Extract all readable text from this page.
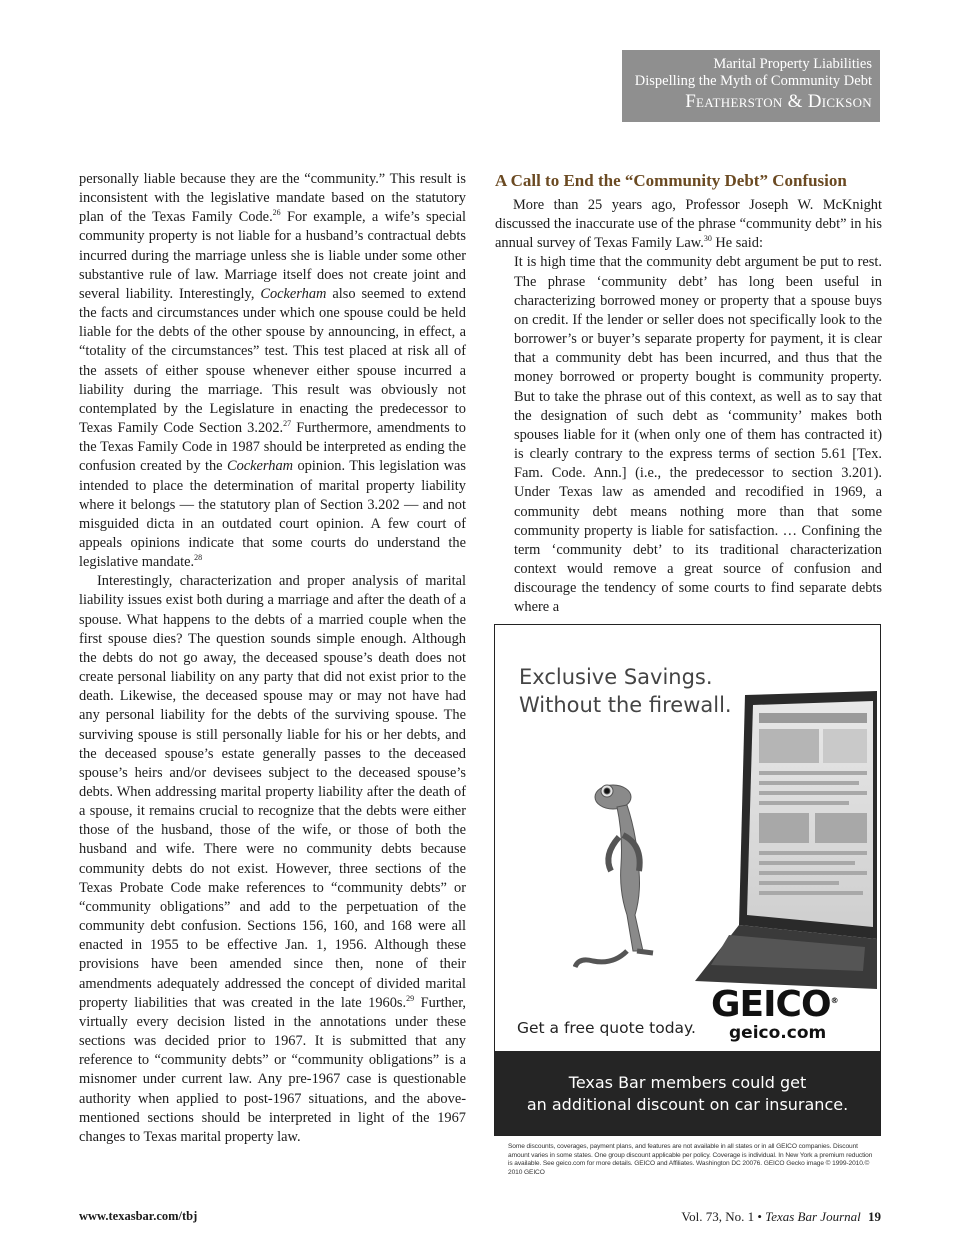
Marital Property Liabilities
Dispelling the Myth of Community Debt
Featherston & Dickson

personally liable because they are the “community.” This result is inconsistent with the legislative mandate based on the statutory plan of the Texas Family Code.$^{26}$ For example, a wife’s special community property is not liable for a husband’s contractual debts incurred during the marriage unless she is liable under some other substantive rule of law. Marriage itself does not create joint and several liability. Interestingly, Cockerham also seemed to extend the facts and circumstances under which one spouse could be held liable for the debts of the other spouse by announcing, in effect, a “totality of the circumstances” test. This test placed at risk all of the assets of either spouse whenever either spouse incurred a liability during the marriage. This result was obviously not contemplated by the Legislature in enacting the predecessor to Texas Family Code Section 3.202.27 Furthermore, amendments to the Texas Family Code in 1987 should be interpreted as ending the confusion created by the Cockerham opinion. This legislation was intended to place the determination of marital property liability where it belongs — the statutory plan of Section 3.202 — and not misguided dicta in an outdated court opinion. A few court of appeals opinions indicate that some courts do understand the legislative mandate.$^{28}$

Interestingly, characterization and proper analysis of marital liability issues exist both during a marriage and after the death of a spouse. What happens to the debts of a married couple when the first spouse dies? The question sounds simple enough. Although the debts do not go away, the deceased spouse’s death does not create personal liability on any party that did not exist prior to the death. Likewise, the deceased spouse may or may not have had any personal liability for the debts of the surviving spouse. The surviving spouse is still personally liable for his or her debts, and the deceased spouse’s estate generally passes to the deceased spouse’s heirs and/or devisees subject to the deceased spouse’s debts. When addressing marital property liability after the death of a spouse, it remains crucial to recognize that the debts were either those of the husband, those of the wife, or those of both the husband and wife. There were no community debts because community debts do not exist. However, three sections of the Texas Probate Code make references to “community debts” or “community obligations” and add to the perpetuation of the community debt confusion. Sections 156, 160, and 168 were all enacted in 1955 to be effective Jan. 1, 1956. Although these provisions have been amended since then, none of their amendments adequately addressed the concept of divided marital property liabilities that was created in the late 1960s.$^{29}$ Further, virtually every decision listed in the annotations under these sections was decided prior to 1967. It is submitted that any reference to “community debts” or “community obligations” is a misnomer under current law. Any pre-1967 case is questionable authority when applied to post-1967 situations, and the above-mentioned sections should be interpreted in light of the 1967 changes to Texas marital property law.

A Call to End the “Community Debt” Confusion

More than 25 years ago, Professor Joseph W. McKnight discussed the inaccurate use of the phrase “community debt” in his annual survey of Texas Family Law.$^{30}$ He said:

It is high time that the community debt argument be put to rest. The phrase ‘community debt’ has long been useful in characterizing borrowed money or property that a spouse buys on credit. If the lender or seller does not specifically look to the borrower’s or buyer’s separate property for payment, it is clear that a community debt has been incurred, and thus that the money borrowed or property bought is community property. But to take the phrase out of this context, as well as to say that the designation of such debt as ‘community’ makes both spouses liable for it (when only one of them has contracted it) is clearly contrary to the express terms of section 5.61 [Tex. Fam. Code. Ann.] (i.e., the predecessor to section 3.201). Under Texas law as amended and recodified in 1969, a community debt means nothing more than that some community property is liable for satisfaction. … Confining the term ‘community debt’ to its traditional characterization context would remove a great source of confusion and discourage the tendency of some courts to find separate debts where a

Exclusive Savings.
Without the firewall.
GEICO®
geico.com
Get a free quote today.
Texas Bar members could get
an additional discount on car insurance.
Some discounts, coverages, payment plans, and features are not available in all states or in all GEICO companies. Discount amount varies in some states. One group discount applicable per policy. Coverage is individual. In New York a premium reduction is available. See geico.com for more details. GEICO and Affiliates. Washington DC 20076. GEICO Gecko image © 1999-2010.© 2010 GEICO
www.texasbar.com/tbj	Vol. 73, No. 1 • Texas Bar Journal 19
